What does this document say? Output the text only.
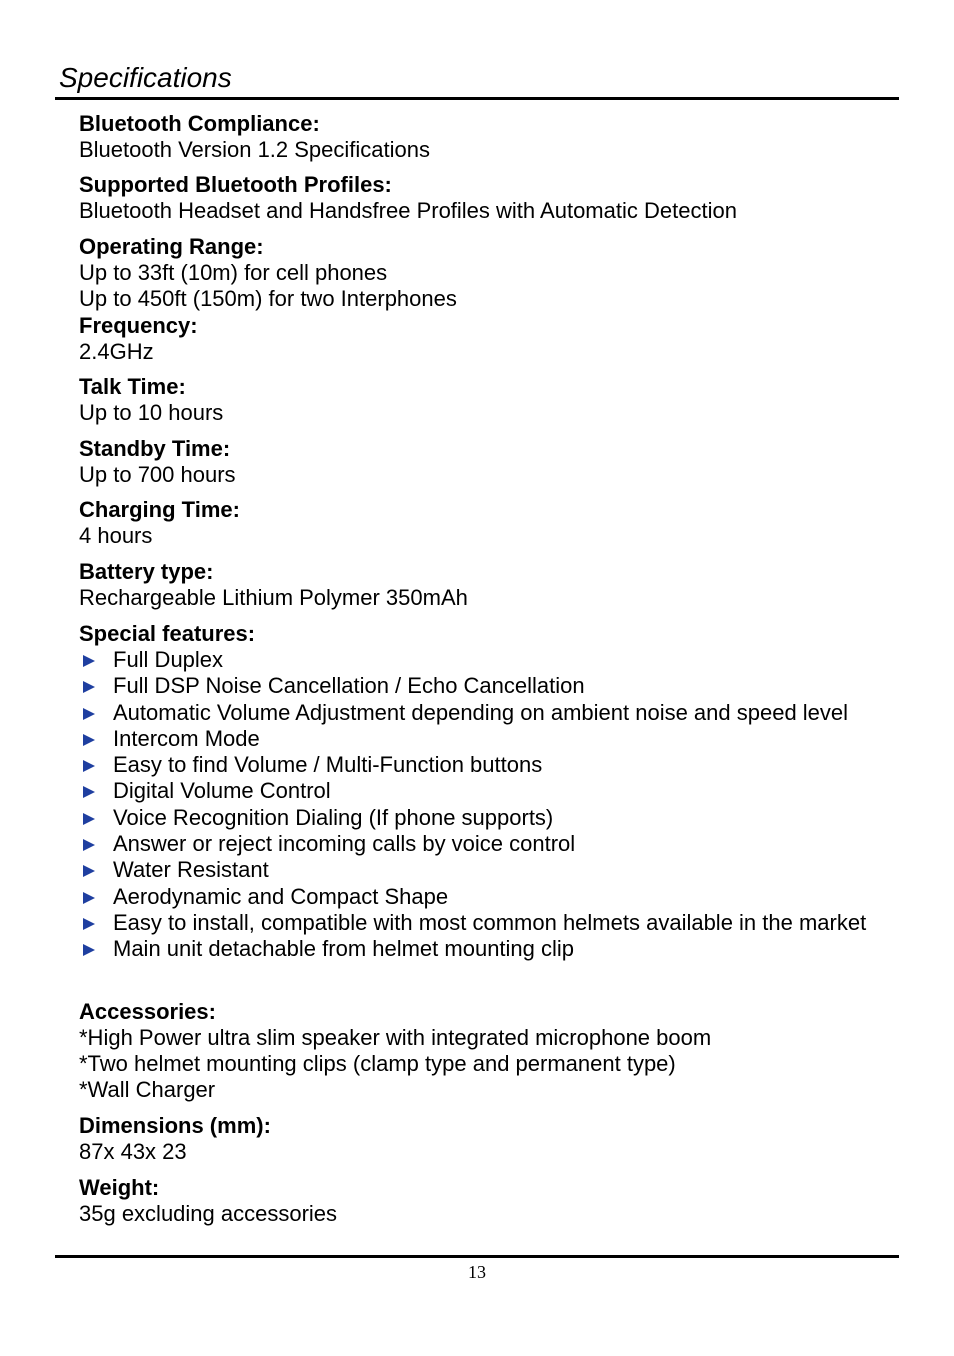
Specifications
Bluetooth Compliance:
Bluetooth Version 1.2 Specifications
Supported Bluetooth Profiles:
Bluetooth Headset and Handsfree Profiles with Automatic Detection
Operating Range:
Up to 33ft (10m) for cell phones
Up to 450ft (150m) for two Interphones
Frequency:
2.4GHz
Talk Time:
Up to 10 hours
Standby Time:
Up to 700 hours
Charging Time:
4 hours
Battery type:
Rechargeable Lithium Polymer 350mAh
Special features:
Full Duplex
Full DSP Noise Cancellation / Echo Cancellation
Automatic Volume Adjustment depending on ambient noise and speed level
Intercom Mode
Easy to find Volume / Multi-Function buttons
Digital Volume Control
Voice Recognition Dialing (If phone supports)
Answer or reject incoming calls by voice control
Water Resistant
Aerodynamic and Compact Shape
Easy to install, compatible with most common helmets available in the market
Main unit detachable from helmet mounting clip
Accessories:
*High Power ultra slim speaker with integrated microphone boom
*Two helmet mounting clips (clamp type and permanent type)
*Wall Charger
Dimensions (mm):
87x 43x 23
Weight:
35g excluding accessories
13
